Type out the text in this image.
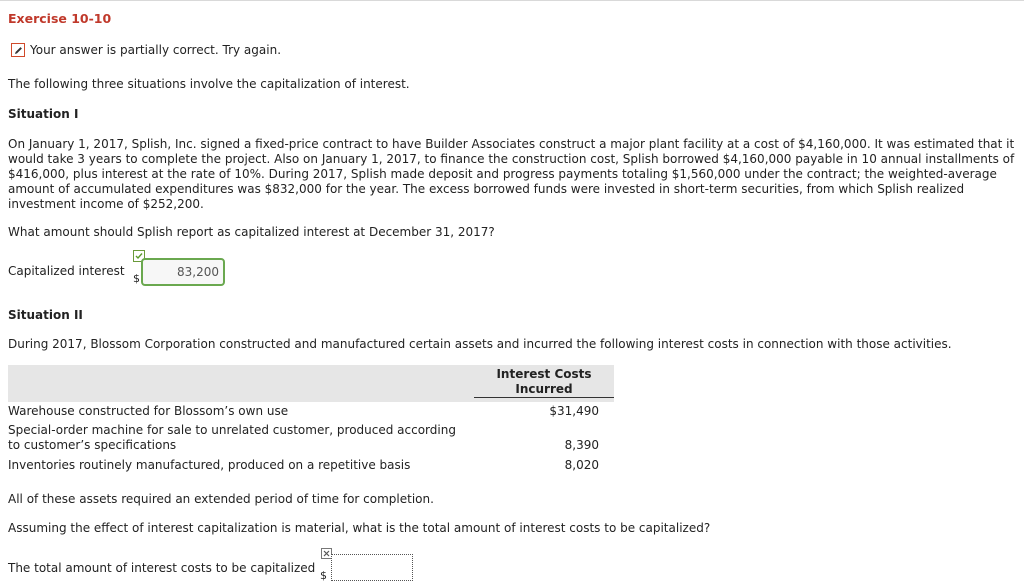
Exercise 10-10
Your answer is partially correct. Try again.
The following three situations involve the capitalization of interest.
Situation I
On January 1, 2017, Splish, Inc. signed a fixed-price contract to have Builder Associates construct a major plant facility at a cost of $4,160,000. It was estimated that it would take 3 years to complete the project. Also on January 1, 2017, to finance the construction cost, Splish borrowed $4,160,000 payable in 10 annual installments of $416,000, plus interest at the rate of 10%. During 2017, Splish made deposit and progress payments totaling $1,560,000 under the contract; the weighted-average amount of accumulated expenditures was $832,000 for the year. The excess borrowed funds were invested in short-term securities, from which Splish realized investment income of $252,200.
What amount should Splish report as capitalized interest at December 31, 2017?
Capitalized interest
$	83,200
Situation II
During 2017, Blossom Corporation constructed and manufactured certain assets and incurred the following interest costs in connection with those activities.
Interest Costs
Incurred
Warehouse constructed for Blossom’s own use	$31,490
Special-order machine for sale to unrelated customer, produced according
to customer’s specifications	8,390
Inventories routinely manufactured, produced on a repetitive basis	8,020
All of these assets required an extended period of time for completion.
Assuming the effect of interest capitalization is material, what is the total amount of interest costs to be capitalized?
The total amount of interest costs to be capitalized
$
